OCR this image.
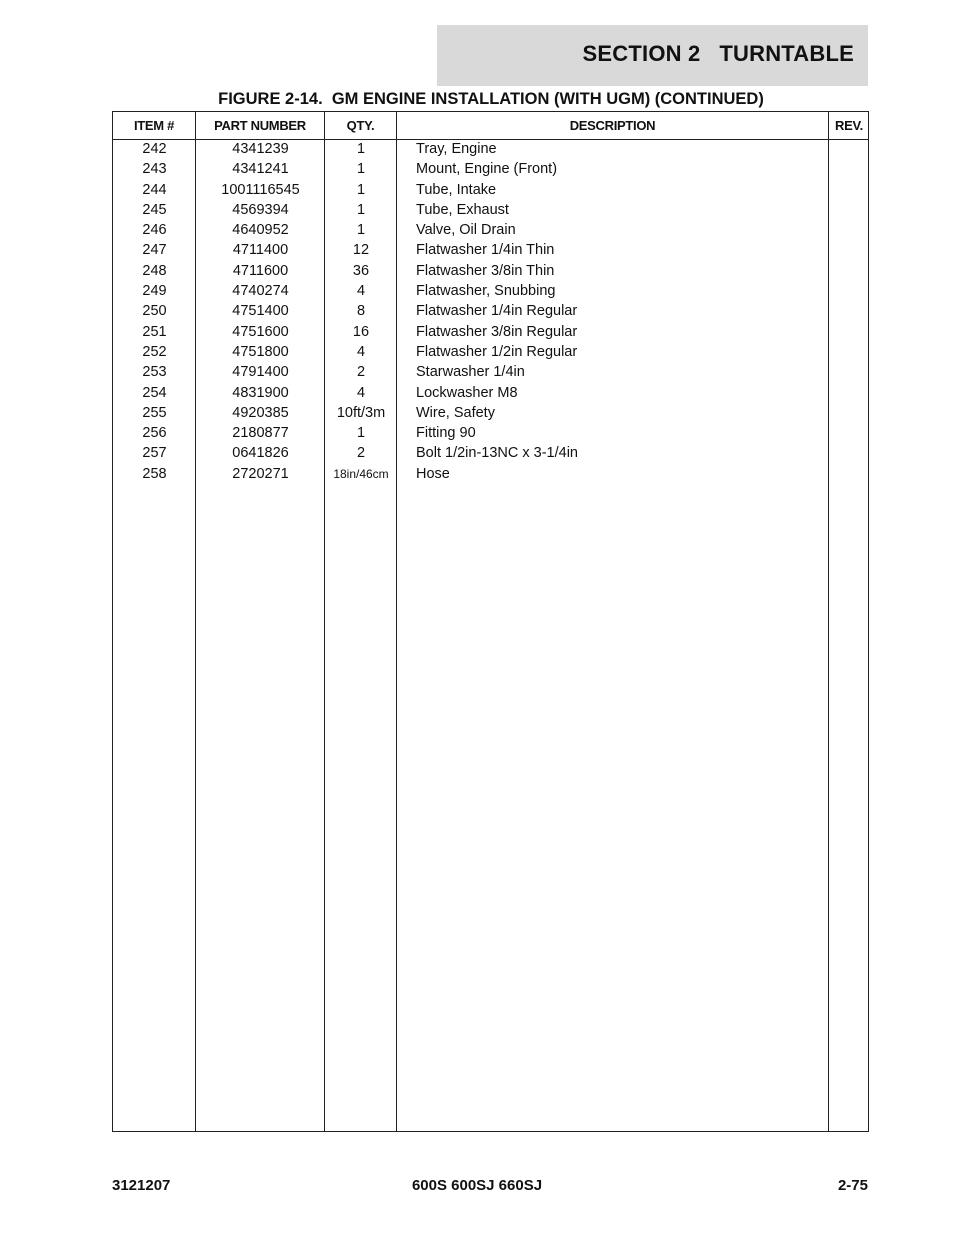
SECTION 2   TURNTABLE
FIGURE 2-14.  GM ENGINE INSTALLATION (WITH UGM) (CONTINUED)
ITEM #	PART NUMBER	QTY.	DESCRIPTION	REV.
242	4341239	1	Tray, Engine
243	4341241	1	Mount, Engine (Front)
244	1001116545	1	Tube, Intake
245	4569394	1	Tube, Exhaust
246	4640952	1	Valve, Oil Drain
247	4711400	12	Flatwasher 1/4in Thin
248	4711600	36	Flatwasher 3/8in Thin
249	4740274	4	Flatwasher, Snubbing
250	4751400	8	Flatwasher 1/4in Regular
251	4751600	16	Flatwasher 3/8in Regular
252	4751800	4	Flatwasher 1/2in Regular
253	4791400	2	Starwasher 1/4in
254	4831900	4	Lockwasher M8
255	4920385	10ft/3m	Wire, Safety
256	2180877	1	Fitting 90
257	0641826	2	Bolt 1/2in-13NC x 3-1/4in
258	2720271	18in/46cm	Hose
3121207	600S 600SJ 660SJ	2-75
